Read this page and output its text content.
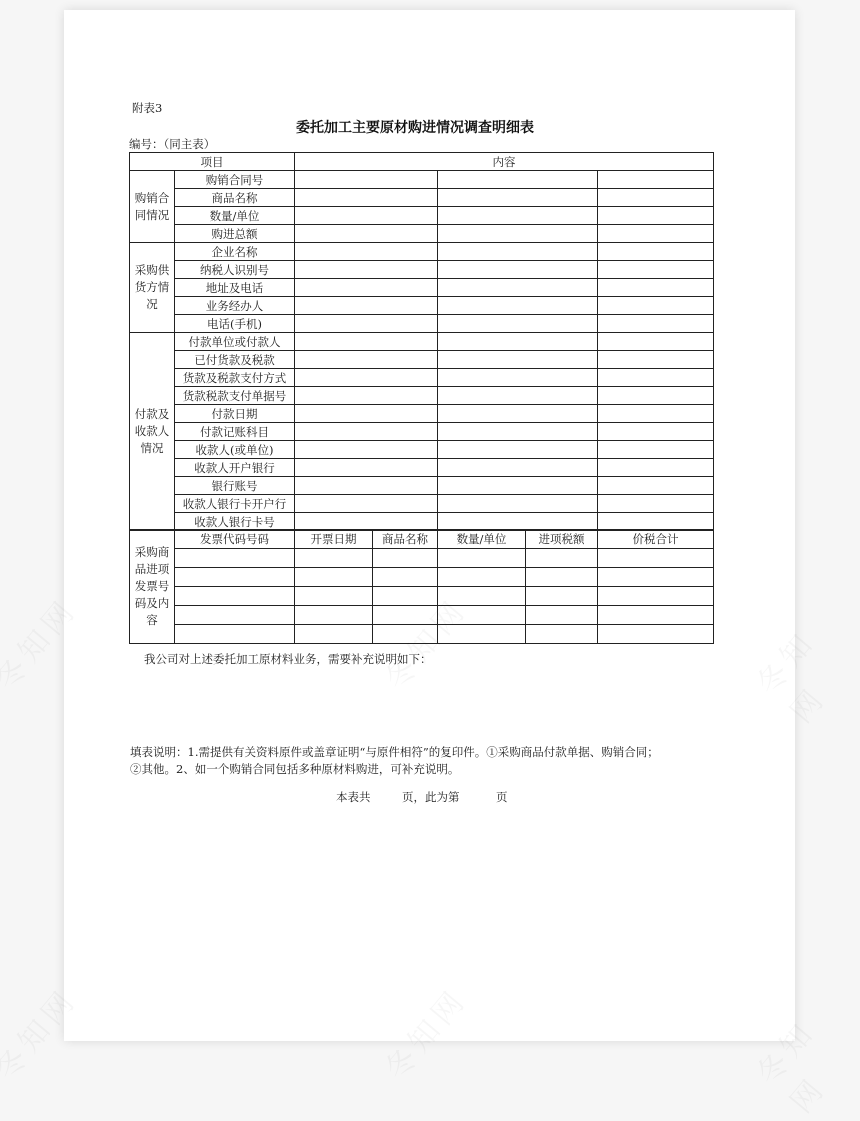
附表3
委托加工主要原材购进情况调查明细表
编号：（同主表）
项目		内容		
购销合同情况	购销合同号			
	商品名称			
	数量/单位			
	购进总额			
采购供货方情况	企业名称			
	纳税人识别号			
	地址及电话			
	业务经办人			
	电话(手机)			
付款及收款人情况	付款单位或付款人			
	已付货款及税款			
	货款及税款支付方式			
	货款税款支付单据号			
	付款日期			
	付款记账科目			
	收款人(或单位)			
	收款人开户银行			
	银行账号			
	收款人银行卡开户行			
	收款人银行卡号			
采购商品进项发票号码及内容	发票代码号码	开票日期	商品名称	数量/单位	进项税额	价税合计

我公司对上述委托加工原材料业务，需要补充说明如下：
填表说明：1.需提供有关资料原件或盖章证明“与原件相符”的复印件。①采购商品付款单据、购销合同；
②其他。2、如一个购销合同包括多种原材料购进，可补充说明。
本表共	页，此为第	页
